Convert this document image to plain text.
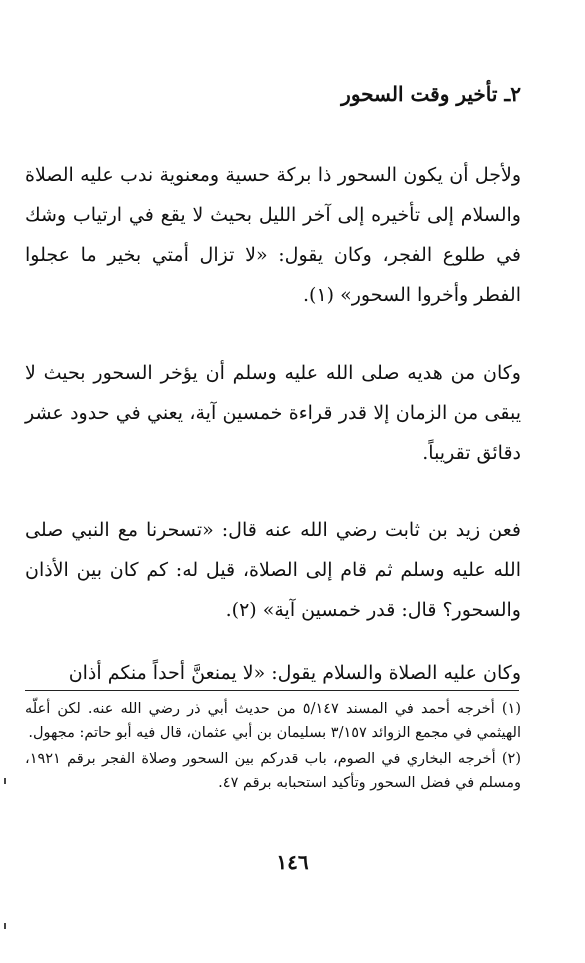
٢ـ تأخير وقت السحور

ولأجل أن يكون السحور ذا بركة حسية ومعنوية ندب عليه الصلاة والسلام إلى تأخيره إلى آخر الليل بحيث لا يقع في ارتياب وشك في طلوع الفجر، وكان يقول: «لا تزال أمتي بخير ما عجلوا الفطر وأخروا السحور» (١).

وكان من هديه صلى الله عليه وسلم أن يؤخر السحور بحيث لا يبقى من الزمان إلا قدر قراءة خمسين آية، يعني في حدود عشر دقائق تقريباً.

فعن زيد بن ثابت رضي الله عنه قال: «تسحرنا مع النبي صلى الله عليه وسلم ثم قام إلى الصلاة، قيل له: كم كان بين الأذان والسحور؟ قال: قدر خمسين آية» (٢).

وكان عليه الصلاة والسلام يقول: «لا يمنعنَّ أحداً منكم أذان

(١) أخرجه أحمد في المسند ٥/١٤٧ من حديث أبي ذر رضي الله عنه. لكن أعلّه الهيثمي في مجمع الزوائد ٣/١٥٧ بسليمان بن أبي عثمان، قال فيه أبو حاتم: مجهول.

(٢) أخرجه البخاري في الصوم، باب قدركم بين السحور وصلاة الفجر برقم ١٩٢١، ومسلم في فضل السحور وتأكيد استحبابه برقم ٤٧.

١٤٦
